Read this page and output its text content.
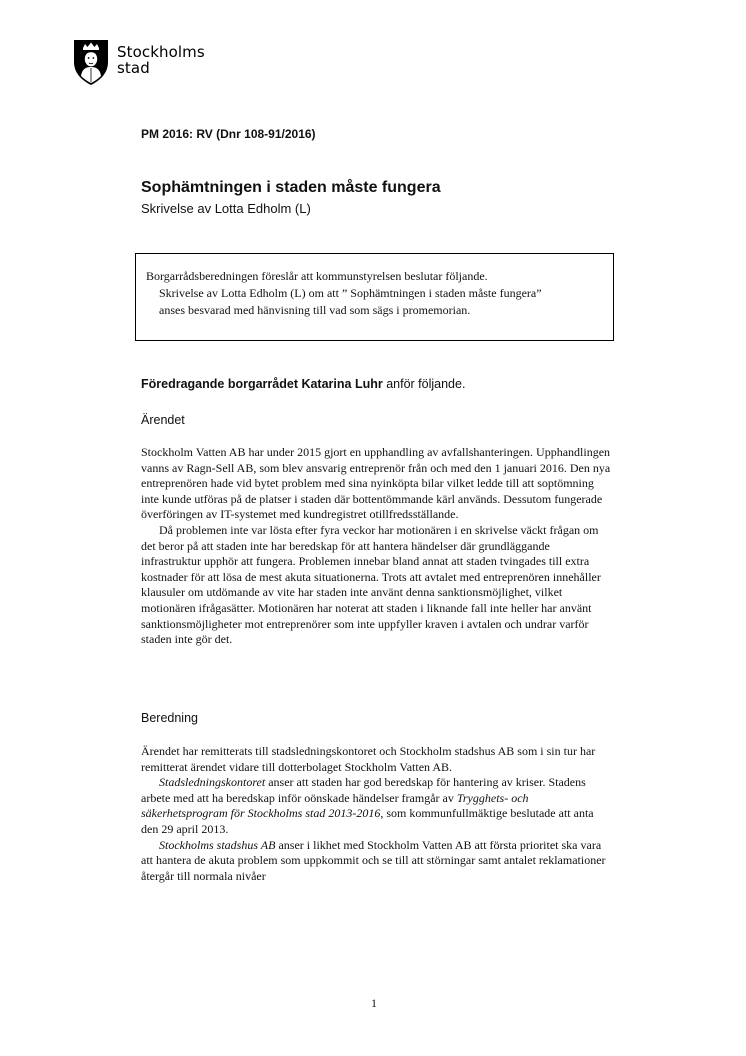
Stockholms
stad
PM 2016: RV (Dnr 108-91/2016)
Sophämtningen i staden måste fungera
Skrivelse av Lotta Edholm (L)
Borgarrådsberedningen föreslår att kommunstyrelsen beslutar följande.
Skrivelse av Lotta Edholm (L) om att ” Sophämtningen i staden måste fungera”
anses besvarad med hänvisning till vad som sägs i promemorian.
Föredragande borgarrådet Katarina Luhr anför följande.
Ärendet

Stockholm Vatten AB har under 2015 gjort en upphandling av avfallshanteringen. Upphandlingen vanns av Ragn-Sell AB, som blev ansvarig entreprenör från och med den 1 januari 2016. Den nya entreprenören hade vid bytet problem med sina nyinköpta bilar vilket ledde till att soptömning inte kunde utföras på de platser i staden där bottentömmande kärl används. Dessutom fungerade överföringen av IT-systemet med kundregistret otillfredsställande.

Då problemen inte var lösta efter fyra veckor har motionären i en skrivelse väckt frågan om det beror på att staden inte har beredskap för att hantera händelser där grundläggande infrastruktur upphör att fungera. Problemen innebar bland annat att staden tvingades till extra kostnader för att lösa de mest akuta situationerna. Trots att avtalet med entreprenören innehåller klausuler om utdömande av vite har staden inte använt denna sanktionsmöjlighet, vilket motionären ifrågasätter. Motionären har noterat att staden i liknande fall inte heller har använt sanktionsmöjligheter mot entreprenörer som inte uppfyller kraven i avtalen och undrar varför staden inte gör det.

Beredning

Ärendet har remitterats till stadsledningskontoret och Stockholm stadshus AB som i sin tur har remitterat ärendet vidare till dotterbolaget Stockholm Vatten AB.

Stadsledningskontoret anser att staden har god beredskap för hantering av kriser. Stadens arbete med att ha beredskap inför oönskade händelser framgår av Trygghets- och säkerhetsprogram för Stockholms stad 2013-2016, som kommunfullmäktige beslutade att anta den 29 april 2013.

Stockholms stadshus AB anser i likhet med Stockholm Vatten AB att första prioritet ska vara att hantera de akuta problem som uppkommit och se till att störningar samt antalet reklamationer återgår till normala nivåer

1
